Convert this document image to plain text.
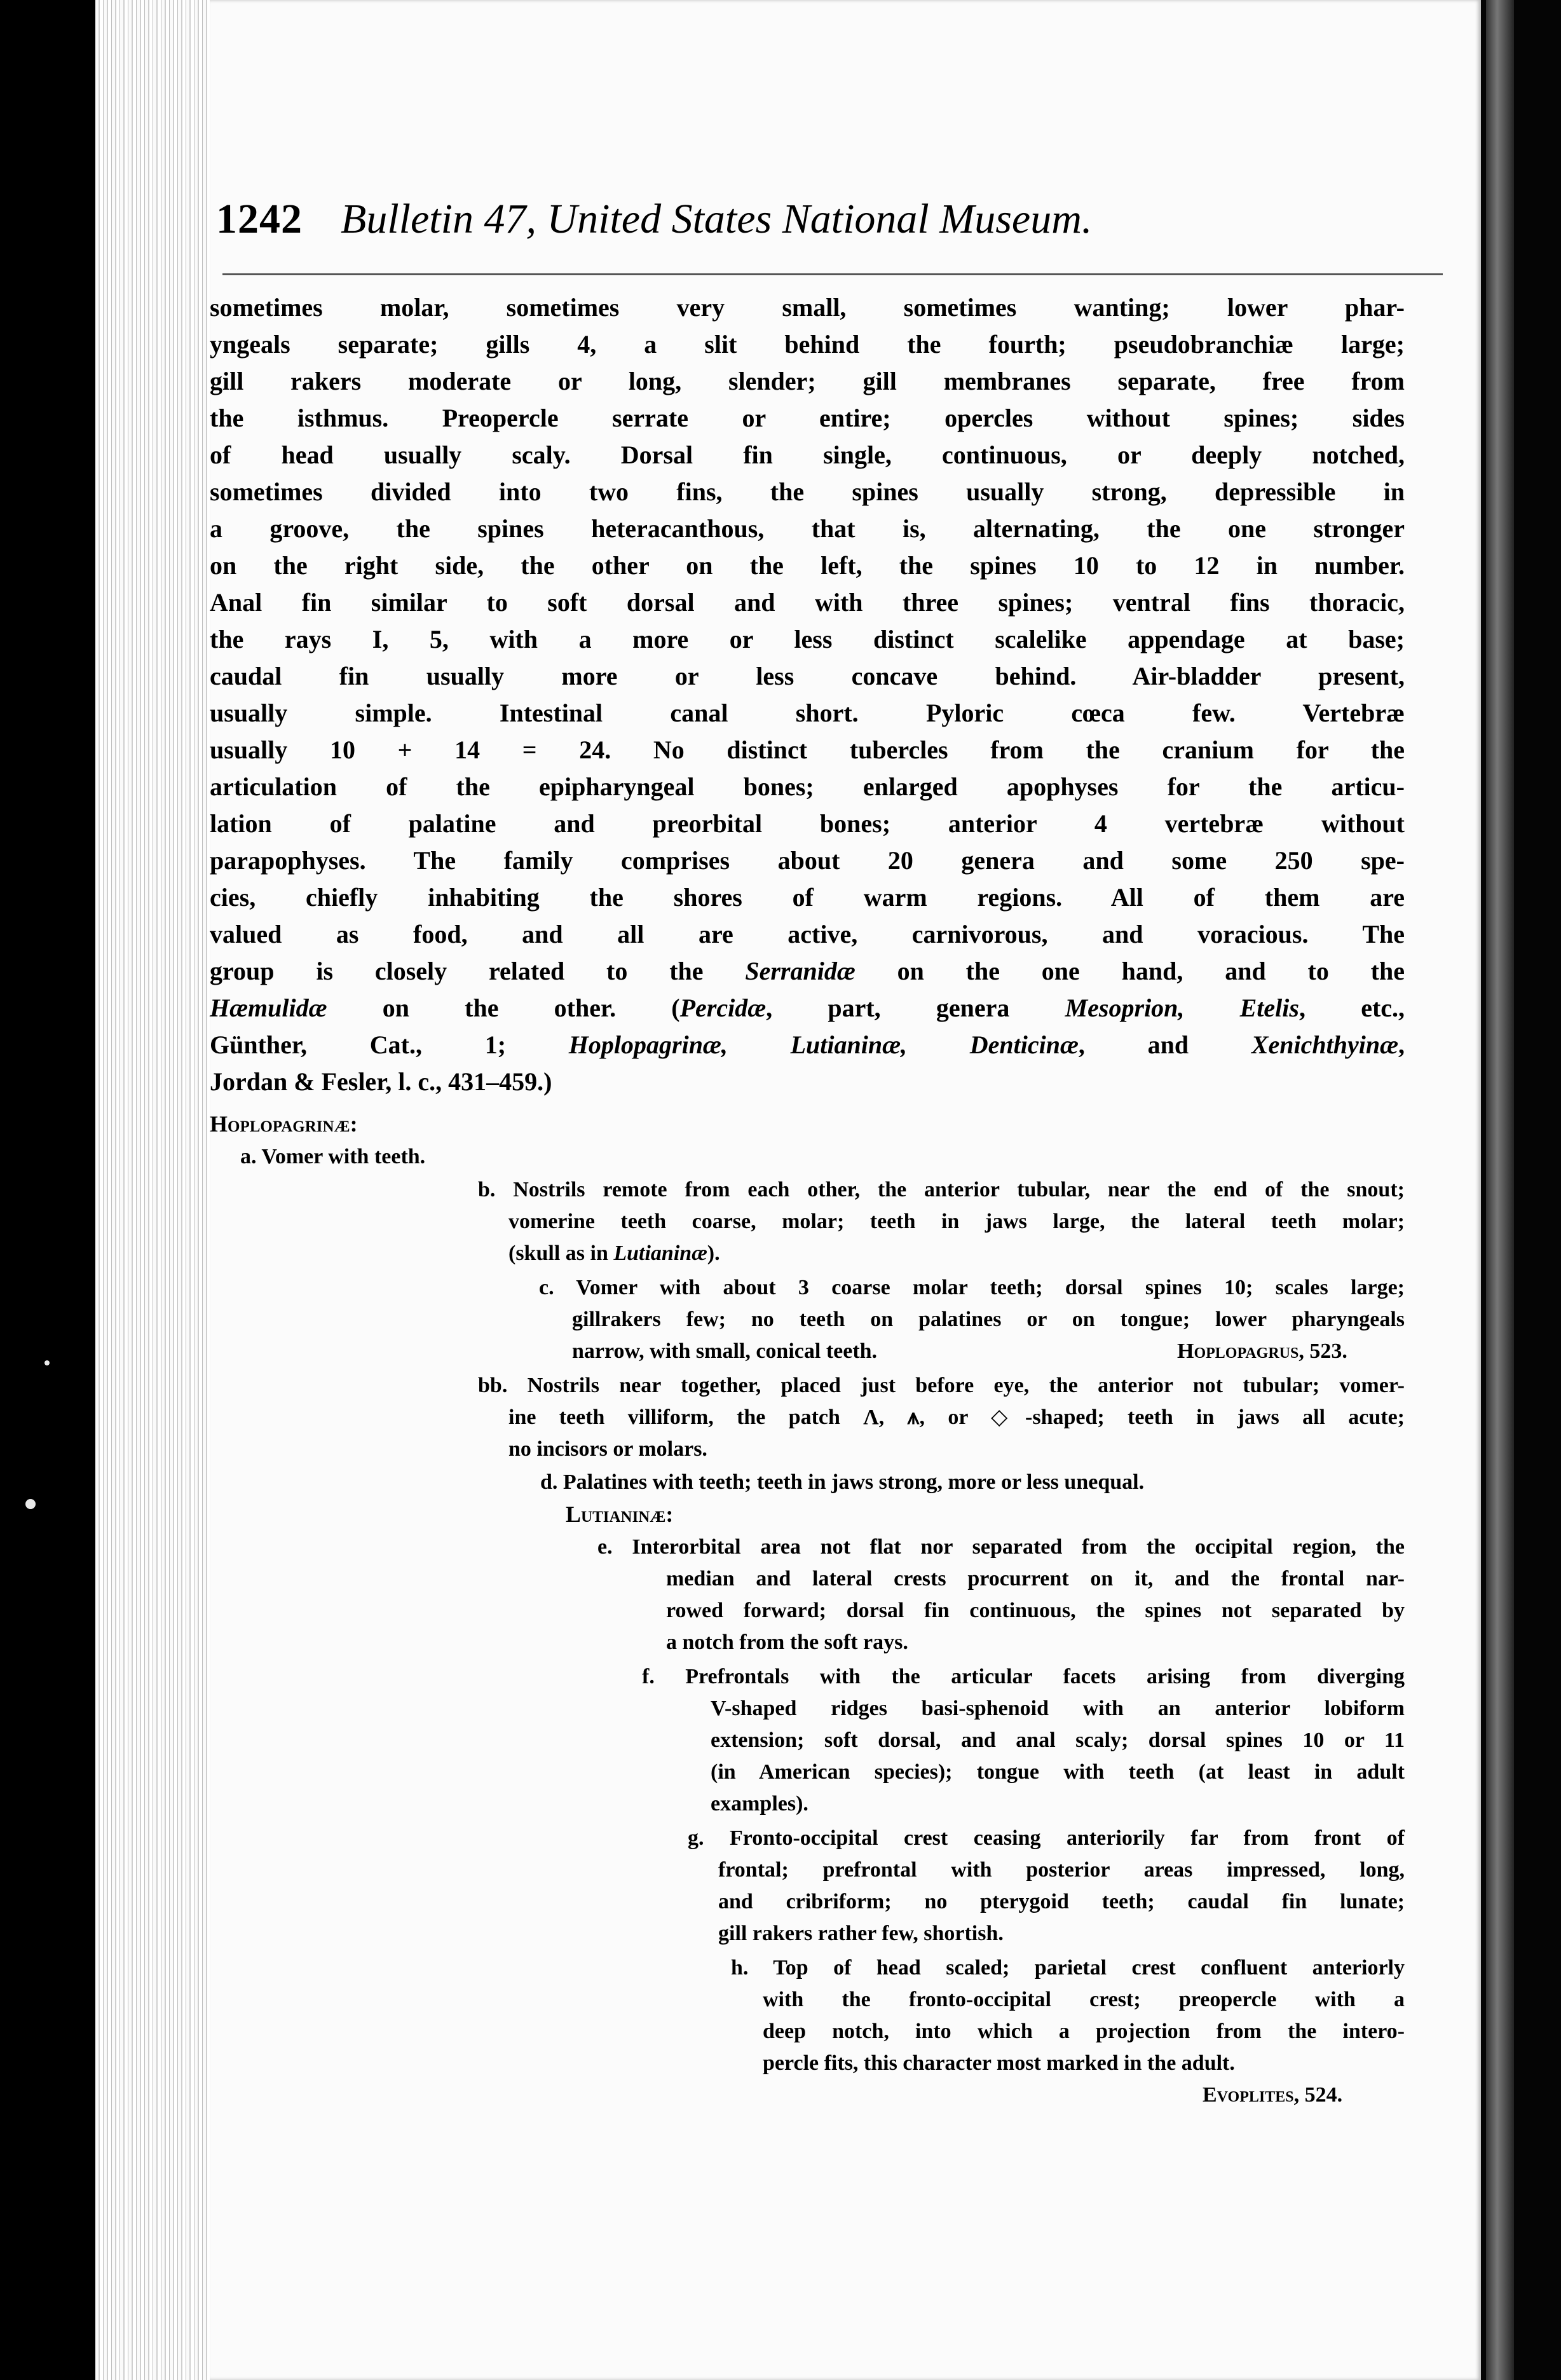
1242 Bulletin 47, United States National Museum.
sometimes molar, sometimes very small, sometimes wanting; lower phar-
yngeals separate; gills 4, a slit behind the fourth; pseudobranchiæ large;
gill rakers moderate or long, slender; gill membranes separate, free from
the isthmus. Preopercle serrate or entire; opercles without spines; sides
of head usually scaly. Dorsal fin single, continuous, or deeply notched,
sometimes divided into two fins, the spines usually strong, depressible in
a groove, the spines heteracanthous, that is, alternating, the one stronger
on the right side, the other on the left, the spines 10 to 12 in number.
Anal fin similar to soft dorsal and with three spines; ventral fins thoracic,
the rays I, 5, with a more or less distinct scalelike appendage at base;
caudal fin usually more or less concave behind. Air-bladder present,
usually simple. Intestinal canal short. Pyloric cœca few. Vertebræ
usually 10 + 14 = 24. No distinct tubercles from the cranium for the
articulation of the epipharyngeal bones; enlarged apophyses for the articu-
lation of palatine and preorbital bones; anterior 4 vertebræ without
parapophyses. The family comprises about 20 genera and some 250 spe-
cies, chiefly inhabiting the shores of warm regions. All of them are
valued as food, and all are active, carnivorous, and voracious. The
group is closely related to the Serranidæ on the one hand, and to the
Hæmulidæ on the other. (Percidæ, part, genera Mesoprion, Etelis, etc.,
Günther, Cat., 1; Hoplopagrinæ, Lutianinæ, Denticinæ, and Xenichthyinæ,
Jordan & Fesler, l. c., 431–459.)
Hoplopagrinæ:
a. Vomer with teeth.
b. Nostrils remote from each other, the anterior tubular, near the end of the snout;
vomerine teeth coarse, molar; teeth in jaws large, the lateral teeth molar;
(skull as in Lutianinæ).
c. Vomer with about 3 coarse molar teeth; dorsal spines 10; scales large;
gillrakers few; no teeth on palatines or on tongue; lower pharyngeals
narrow, with small, conical teeth.	Hoplopagrus, 523.
bb. Nostrils near together, placed just before eye, the anterior not tubular; vomer-
ine teeth villiform, the patch Λ, ⩚, or ◇-shaped; teeth in jaws all acute;
no incisors or molars.
d. Palatines with teeth; teeth in jaws strong, more or less unequal.
Lutianinæ:
e. Interorbital area not flat nor separated from the occipital region, the
median and lateral crests procurrent on it, and the frontal nar-
rowed forward; dorsal fin continuous, the spines not separated by
a notch from the soft rays.
f. Prefrontals with the articular facets arising from diverging
V-shaped ridges basi-sphenoid with an anterior lobiform
extension; soft dorsal, and anal scaly; dorsal spines 10 or 11
(in American species); tongue with teeth (at least in adult
examples).
g. Fronto-occipital crest ceasing anteriorily far from front of
frontal; prefrontal with posterior areas impressed, long,
and cribriform; no pterygoid teeth; caudal fin lunate;
gill rakers rather few, shortish.
h. Top of head scaled; parietal crest confluent anteriorly
with the fronto-occipital crest; preopercle with a
deep notch, into which a projection from the intero-
percle fits, this character most marked in the adult.
Evoplites, 524.
